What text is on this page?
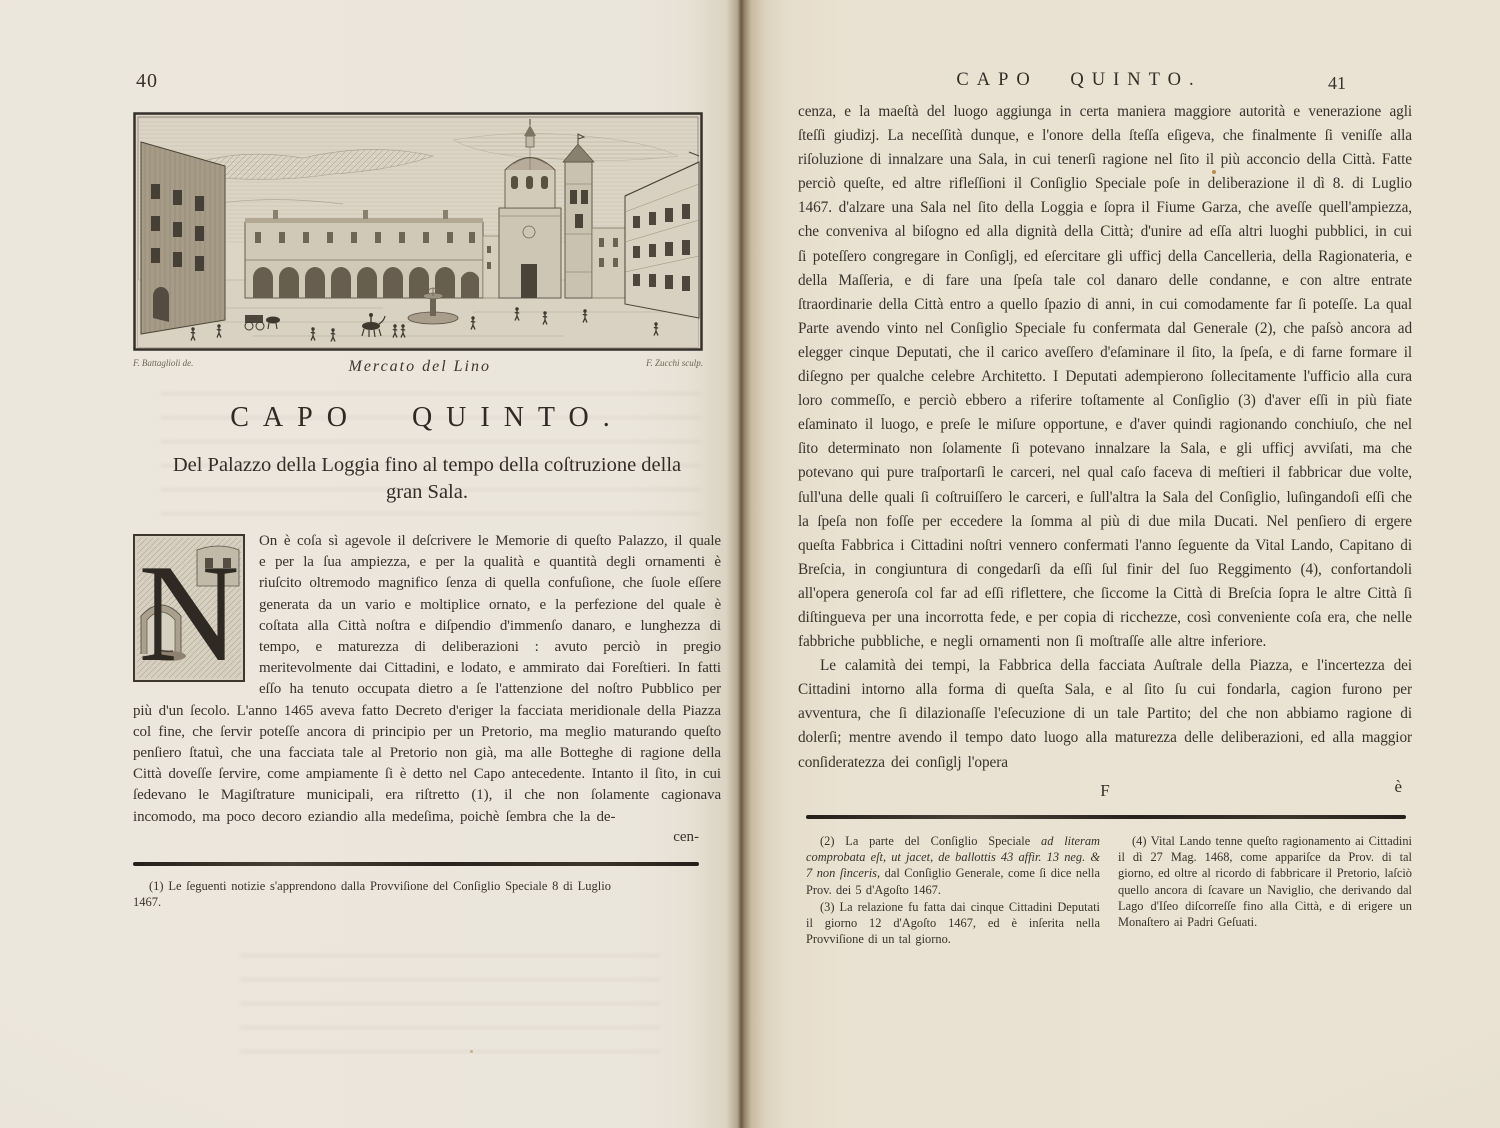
40
F. Battaglioli de.	Mercato del Lino	F. Zucchi sculp.
CAPO QUINTO.
Del Palazzo della Loggia fino al tempo della coſtruzione della gran Sala.
N On è coſa sì agevole il deſcrivere le Memorie di queſto Palazzo, il quale e per la ſua ampiezza, e per la qualità e quantità degli ornamenti è riuſcito oltremodo magnifico ſenza di quella confuſione, che ſuole eſſere generata da un vario e moltiplice ornato, e la perfezione del quale è coſtata alla Città noſtra e diſpendio d'immenſo danaro, e lunghezza di tempo, e maturezza di deliberazioni : avuto perciò in pregio meritevolmente dai Cittadini, e lodato, e ammirato dai Foreſtieri. In fatti eſſo ha tenuto occupata dietro a ſe l'attenzione del noſtro Pubblico per più d'un ſecolo. L'anno 1465 aveva fatto Decreto d'eriger la facciata meridionale della Piazza col fine, che ſervir poteſſe ancora di principio per un Pretorio, ma meglio maturando queſto penſiero ſtatuì, che una facciata tale al Pretorio non già, ma alle Botteghe di ragione della Città doveſſe ſervire, come ampiamente ſi è detto nel Capo antecedente. Intanto il ſito, in cui ſedevano le Magiſtrature municipali, era riſtretto (1), il che non ſolamente cagionava incomodo, ma poco decoro eziandio alla medeſima, poichè ſembra che la de-
cen-
(1) Le ſeguenti notizie s'apprendono dalla Provviſione del Conſiglio Speciale 8 di Luglio 1467.
CAPO QUINTO.	41
cenza, e la maeſtà del luogo aggiunga in certa maniera maggiore autorità e venerazione agli ſteſſi giudizj. La neceſſità dunque, e l'onore della ſteſſa eſigeva, che finalmente ſi veniſſe alla riſoluzione di innalzare una Sala, in cui tenerſi ragione nel ſito il più acconcio della Città. Fatte perciò queſte, ed altre rifleſſioni il Conſiglio Speciale poſe in deliberazione il dì 8. di Luglio 1467. d'alzare una Sala nel ſito della Loggia e ſopra il Fiume Garza, che aveſſe quell'ampiezza, che conveniva al biſogno ed alla dignità della Città; d'unire ad eſſa altri luoghi pubblici, in cui ſi poteſſero congregare in Conſiglj, ed eſercitare gli ufficj della Cancelleria, della Ragionateria, e della Maſſeria, e di fare una ſpeſa tale col danaro delle condanne, e con altre entrate ſtraordinarie della Città entro a quello ſpazio di anni, in cui comodamente far ſi poteſſe. La qual Parte avendo vinto nel Conſiglio Speciale fu confermata dal Generale (2), che paſsò ancora ad elegger cinque Deputati, che il carico aveſſero d'eſaminare il ſito, la ſpeſa, e di farne formare il diſegno per qualche celebre Architetto. I Deputati adempierono ſollecitamente l'ufficio alla cura loro commeſſo, e perciò ebbero a riferire toſtamente al Conſiglio (3) d'aver eſſi in più fiate eſaminato il luogo, e preſe le miſure opportune, e d'aver quindi ragionando conchiuſo, che nel ſito determinato non ſolamente ſi potevano innalzare la Sala, e gli ufficj avviſati, ma che potevano qui pure traſportarſi le carceri, nel qual caſo faceva di meſtieri il fabbricar due volte, ſull'una delle quali ſi coſtruiſſero le carceri, e ſull'altra la Sala del Conſiglio, luſingandoſi eſſi che la ſpeſa non foſſe per eccedere la ſomma al più di due mila Ducati. Nel penſiero di ergere queſta Fabbrica i Cittadini noſtri vennero confermati l'anno ſeguente da Vital Lando, Capitano di Breſcia, in congiuntura di congedarſi da eſſi ſul finir del ſuo Reggimento (4), confortandoli all'opera generoſa col far ad eſſi riflettere, che ſiccome la Città di Breſcia ſopra le altre Città ſi diſtingueva per una incorrotta fede, e per copia di ricchezze, così conveniente coſa era, che nelle fabbriche pubbliche, e negli ornamenti non ſi moſtraſſe alle altre inferiore.
Le calamità dei tempi, la Fabbrica della facciata Auſtrale della Piazza, e l'incertezza dei Cittadini intorno alla forma di queſta Sala, e al ſito ſu cui fondarla, cagion furono per avventura, che ſi dilazionaſſe l'eſecuzione di un tale Partito; del che non abbiamo ragione di dolerſi; mentre avendo il tempo dato luogo alla maturezza delle deliberazioni, ed alla maggior conſideratezza dei conſiglj l'opera
F	è

(2) La parte del Conſiglio Speciale ad literam comprobata eſt, ut jacet, de ballottis 43 affir. 13 neg. & 7 non ſinceris, dal Conſiglio Generale, come ſi dice nella Prov. dei 5 d'Agoſto 1467.

(3) La relazione fu fatta dai cinque Cittadini Deputati il giorno 12 d'Agoſto 1467, ed è inſerita nella Provviſione di un tal giorno.

(4) Vital Lando tenne queſto ragionamento ai Cittadini il dì 27 Mag. 1468, come appariſce da Prov. di tal giorno, ed oltre al ricordo di fabbricare il Pretorio, laſciò quello ancora di ſcavare un Naviglio, che derivando dal Lago d'Iſeo diſcorreſſe fino alla Città, e di erigere un Monaſtero ai Padri Geſuati.
